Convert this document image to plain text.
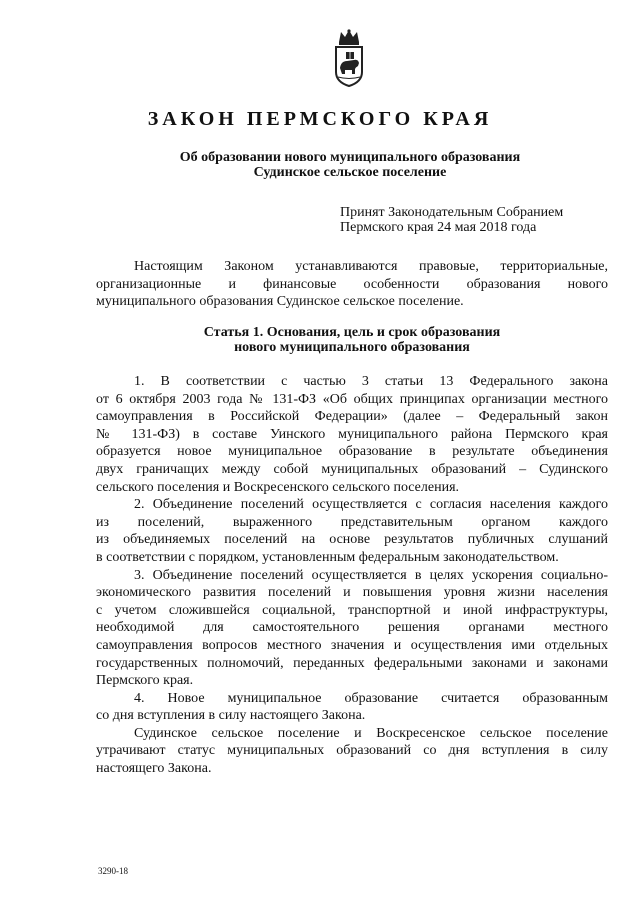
ЗАКОН ПЕРМСКОГО КРАЯ
Об образовании нового муниципального образования
Судинское сельское поселение
Принят Законодательным Собранием
Пермского края 24 мая 2018 года
Настоящим Законом устанавливаются правовые, территориальные,
организационные и финансовые особенности образования нового
муниципального образования Судинское сельское поселение.
Статья 1. Основания, цель и срок образования
нового муниципального образования

1. В соответствии с частью 3 статьи 13 Федерального закона
от 6 октября 2003 года № 131-ФЗ «Об общих принципах организации местного
самоуправления в Российской Федерации» (далее – Федеральный закон
№ 131-ФЗ) в составе Уинского муниципального района Пермского края
образуется новое муниципальное образование в результате объединения
двух граничащих между собой муниципальных образований – Судинского
сельского поселения и Воскресенского сельского поселения.

2. Объединение поселений осуществляется с согласия населения каждого
из поселений, выраженного представительным органом каждого
из объединяемых поселений на основе результатов публичных слушаний
в соответствии с порядком, установленным федеральным законодательством.

3. Объединение поселений осуществляется в целях ускорения социально-
экономического развития поселений и повышения уровня жизни населения
с учетом сложившейся социальной, транспортной и иной инфраструктуры,
необходимой для самостоятельного решения органами местного
самоуправления вопросов местного значения и осуществления ими отдельных
государственных полномочий, переданных федеральными законами и законами
Пермского края.

4. Новое муниципальное образование считается образованным
со дня вступления в силу настоящего Закона.

Судинское сельское поселение и Воскресенское сельское поселение
утрачивают статус муниципальных образований со дня вступления в силу
настоящего Закона.

3290-18
